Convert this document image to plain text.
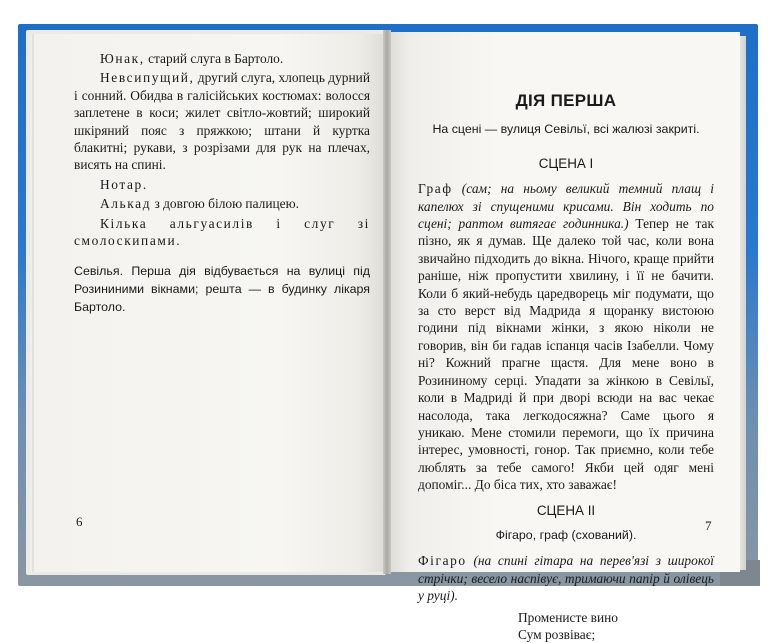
Юнак, старий слуга в Бартоло.

Невсипущий, другий слуга, хлопець дурний і сонний. Обидва в галісійських костюмах: волосся заплетене в коси; жилет світло-жовтий; широкий шкіряний пояс з пряжкою; штани й куртка блакитні; рукави, з розрізами для рук на плечах, висять на спині.

Нотар.

Алькад з довгою білою палицею.

Кілька альгуасилів і слуг зі смолоскипами.

Севілья. Перша дія відбувається на вулиці під Розининими вікнами; решта — в будинку лікаря Бартоло.

6
ДІЯ ПЕРША
На сцені — вулиця Севільї, всі жалюзі закриті.
СЦЕНА I

Граф (сам; на ньому великий темний плащ і капелюх зі спущеними крисами. Він ходить по сцені; раптом витягає годинника.) Тепер не так пізно, як я думав. Ще далеко той час, коли вона звичайно підходить до вікна. Нічого, краще прийти раніше, ніж пропустити хвилину, і її не бачити. Коли б який-небудь царедворець міг подумати, що за сто верст від Мадрида я щоранку вистоюю години під вікнами жінки, з якою ніколи не говорив, він би гадав іспанця часів Ізабелли. Чому ні? Кожний прагне щастя. Для мене воно в Розининому серці. Упадати за жінкою в Севільї, коли в Мадриді й при дворі всюди на вас чекає насолода, така легкодосяжна? Саме цього я уникаю. Мене стомили перемоги, що їх причина інтерес, умовності, гонор. Так приємно, коли тебе люблять за тебе самого! Якби цей одяг мені допоміг... До біса тих, хто заважає!

СЦЕНА II
Фігаро, граф (схований).

Фігаро (на спині гітара на перев'язі з широкої стрічки; весело наспівує, тримаючи папір й олівець у руці).

Променисте вино
Сум розвіває;
7
